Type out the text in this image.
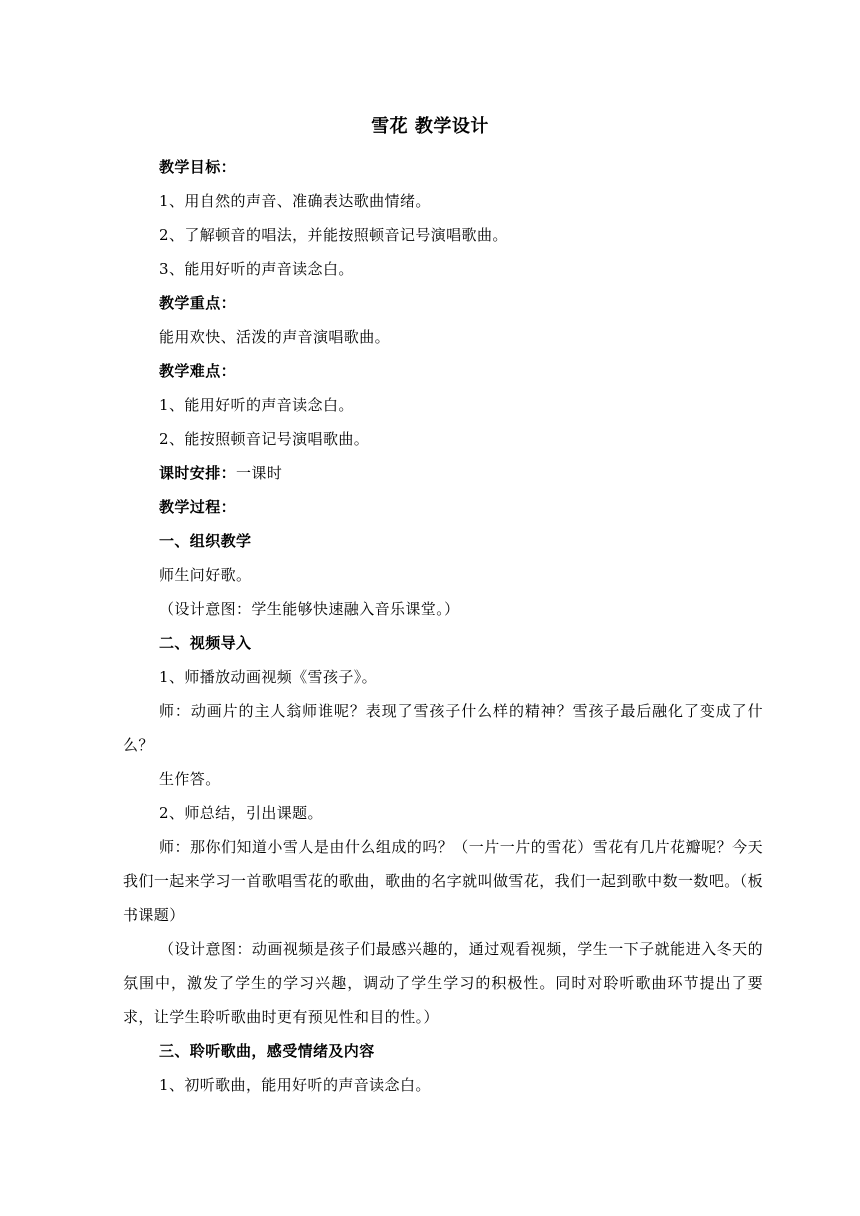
雪花 教学设计

教学目标：

1、用自然的声音、准确表达歌曲情绪。

2、了解顿音的唱法，并能按照顿音记号演唱歌曲。

3、能用好听的声音读念白。

教学重点：

能用欢快、活泼的声音演唱歌曲。

教学难点：

1、能用好听的声音读念白。

2、能按照顿音记号演唱歌曲。

课时安排：一课时

教学过程：

一、组织教学

师生问好歌。

（设计意图：学生能够快速融入音乐课堂。）

二、视频导入

1、师播放动画视频《雪孩子》。

师：动画片的主人翁师谁呢？表现了雪孩子什么样的精神？雪孩子最后融化了变成了什么？

生作答。

2、师总结，引出课题。

师：那你们知道小雪人是由什么组成的吗？（一片一片的雪花）雪花有几片花瓣呢？今天我们一起来学习一首歌唱雪花的歌曲，歌曲的名字就叫做雪花，我们一起到歌中数一数吧。（板书课题）

（设计意图：动画视频是孩子们最感兴趣的，通过观看视频，学生一下子就能进入冬天的氛围中，激发了学生的学习兴趣，调动了学生学习的积极性。同时对聆听歌曲环节提出了要求，让学生聆听歌曲时更有预见性和目的性。）

三、聆听歌曲，感受情绪及内容

1、初听歌曲，能用好听的声音读念白。
